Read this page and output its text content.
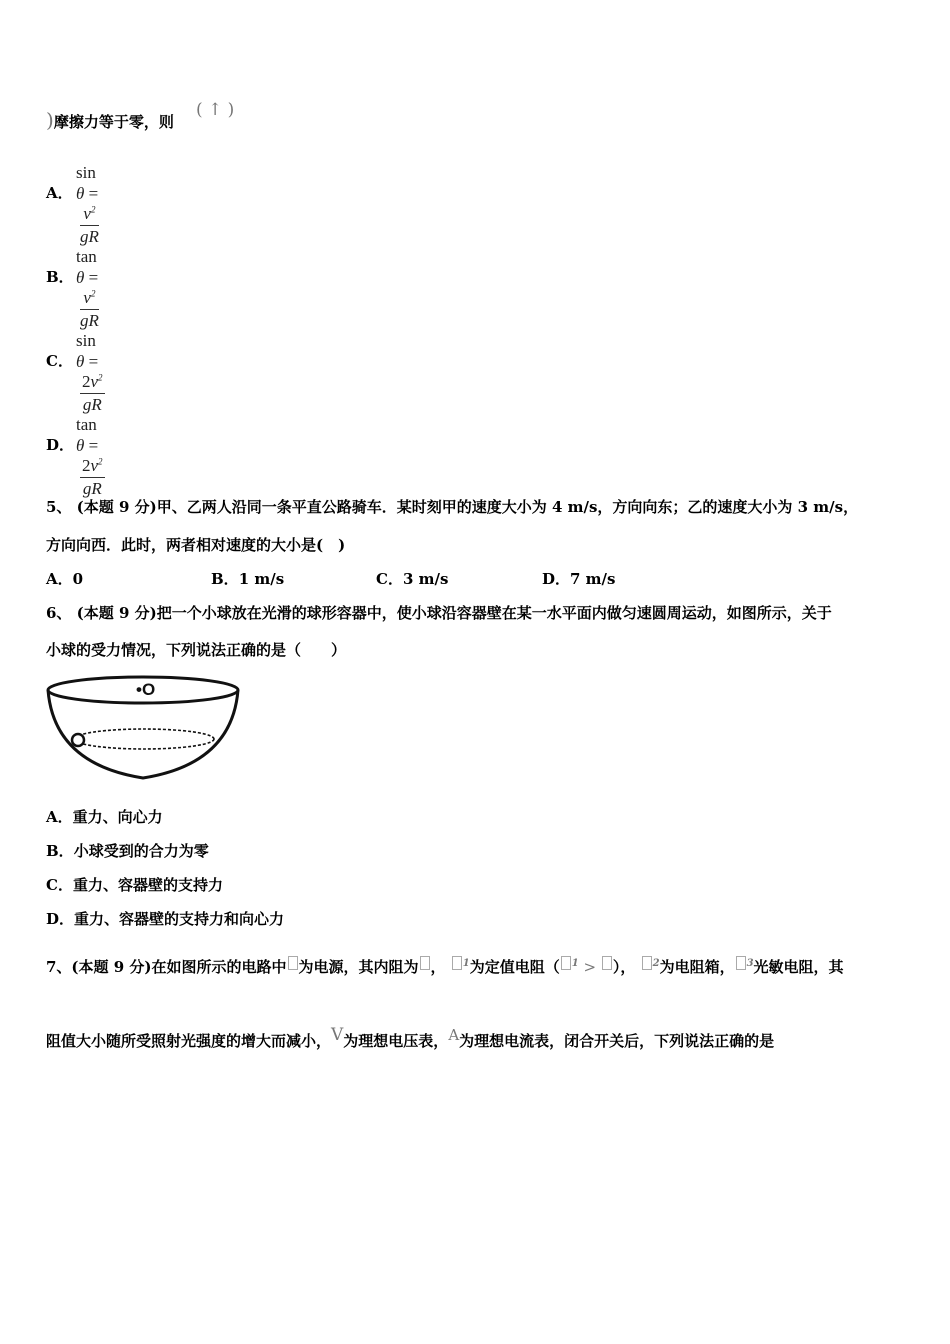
)摩擦力等于零，则
( ↑ )
A．
sin θ =
$\frac{v^2}{gR}$
B．
tan θ =
$\frac{v^2}{gR}$
C．
sin θ =
$\frac{2v^2}{gR}$
D．
tan θ =
$\frac{2v^2}{gR}$
5、 (本题 9 分)甲、乙两人沿同一条平直公路骑车．某时刻甲的速度大小为 4 m/s，方向向东；乙的速度大小为 3 m/s，
方向向西．此时，两者相对速度的大小是(　)
A．0	B．1 m/s	C．3 m/s	D．7 m/s
6、 (本题 9 分)把一个小球放在光滑的球形容器中，使小球沿容器壁在某一水平面内做匀速圆周运动，如图所示，关于
小球的受力情况，下列说法正确的是（　　）
•O
A．重力、向心力
B．小球受到的合力为零
C．重力、容器壁的支持力
D．重力、容器壁的支持力和向心力
7、(本题 9 分)在如图所示的电路中 为电源，其内阻为 ， $^1$为定值电阻（ $^1$ > ）， $^2$为电阻箱， $^3$光敏电阻，其
阻值大小随所受照射光强度的增大而减小，V为理想电压表，A为理想电流表，闭合开关后，下列说法正确的是
